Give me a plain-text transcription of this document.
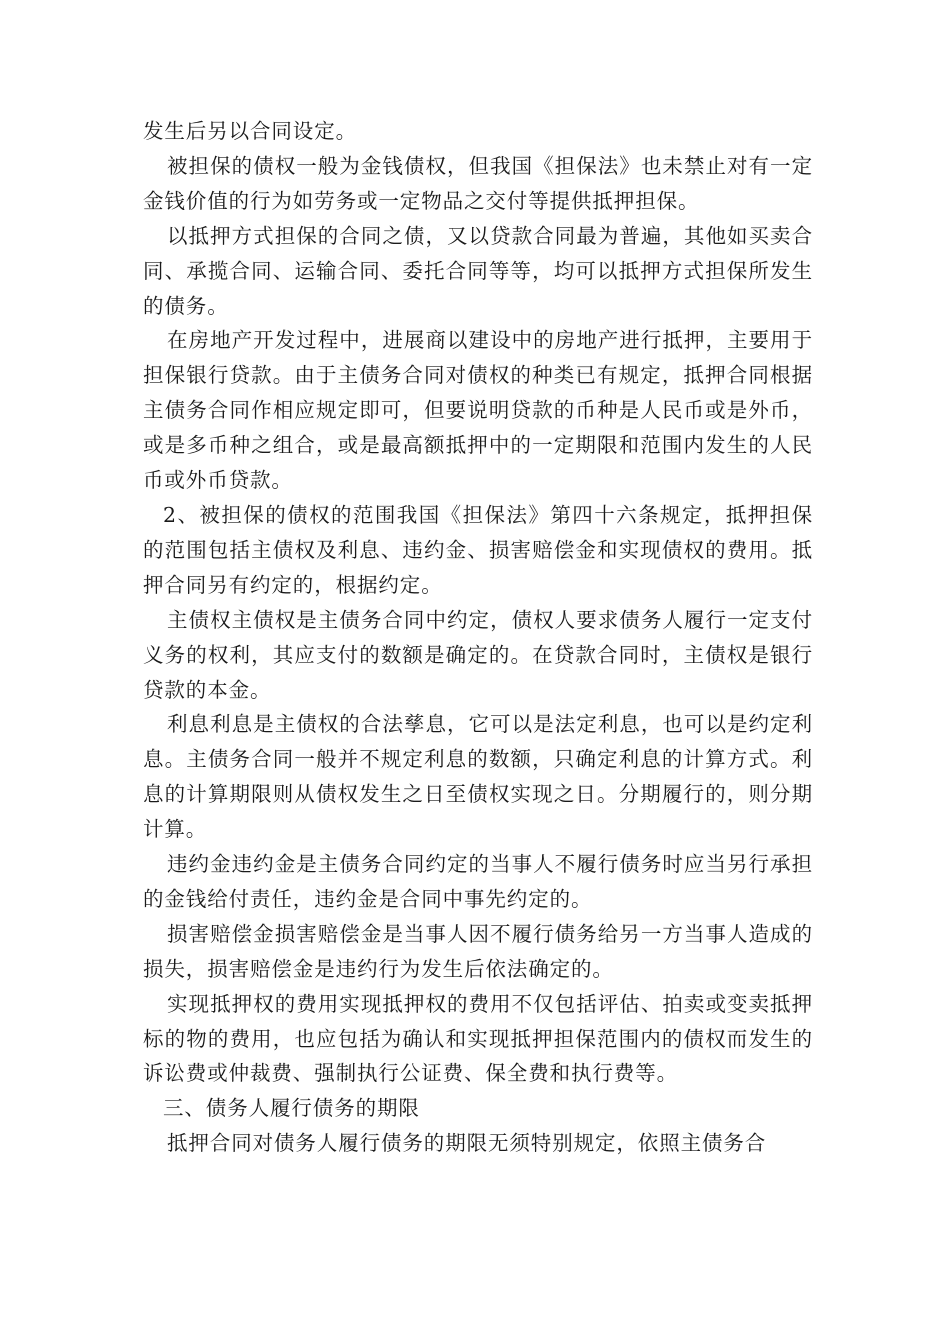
发生后另以合同设定。

被担保的债权一般为金钱债权，但我国《担保法》也未禁止对有一定金钱价值的行为如劳务或一定物品之交付等提供抵押担保。

以抵押方式担保的合同之债，又以贷款合同最为普遍，其他如买卖合同、承揽合同、运输合同、委托合同等等，均可以抵押方式担保所发生的债务。

在房地产开发过程中，进展商以建设中的房地产进行抵押，主要用于担保银行贷款。由于主债务合同对债权的种类已有规定，抵押合同根据主债务合同作相应规定即可，但要说明贷款的币种是人民币或是外币，或是多币种之组合，或是最高额抵押中的一定期限和范围内发生的人民币或外币贷款。

2、被担保的债权的范围我国《担保法》第四十六条规定，抵押担保的范围包括主债权及利息、违约金、损害赔偿金和实现债权的费用。抵押合同另有约定的，根据约定。

主债权主债权是主债务合同中约定，债权人要求债务人履行一定支付义务的权利，其应支付的数额是确定的。在贷款合同时，主债权是银行贷款的本金。

利息利息是主债权的合法孳息，它可以是法定利息，也可以是约定利息。主债务合同一般并不规定利息的数额，只确定利息的计算方式。利息的计算期限则从债权发生之日至债权实现之日。分期履行的，则分期计算。

违约金违约金是主债务合同约定的当事人不履行债务时应当另行承担的金钱给付责任，违约金是合同中事先约定的。

损害赔偿金损害赔偿金是当事人因不履行债务给另一方当事人造成的损失，损害赔偿金是违约行为发生后依法确定的。

实现抵押权的费用实现抵押权的费用不仅包括评估、拍卖或变卖抵押标的物的费用，也应包括为确认和实现抵押担保范围内的债权而发生的诉讼费或仲裁费、强制执行公证费、保全费和执行费等。

三、债务人履行债务的期限

抵押合同对债务人履行债务的期限无须特别规定，依照主债务合
